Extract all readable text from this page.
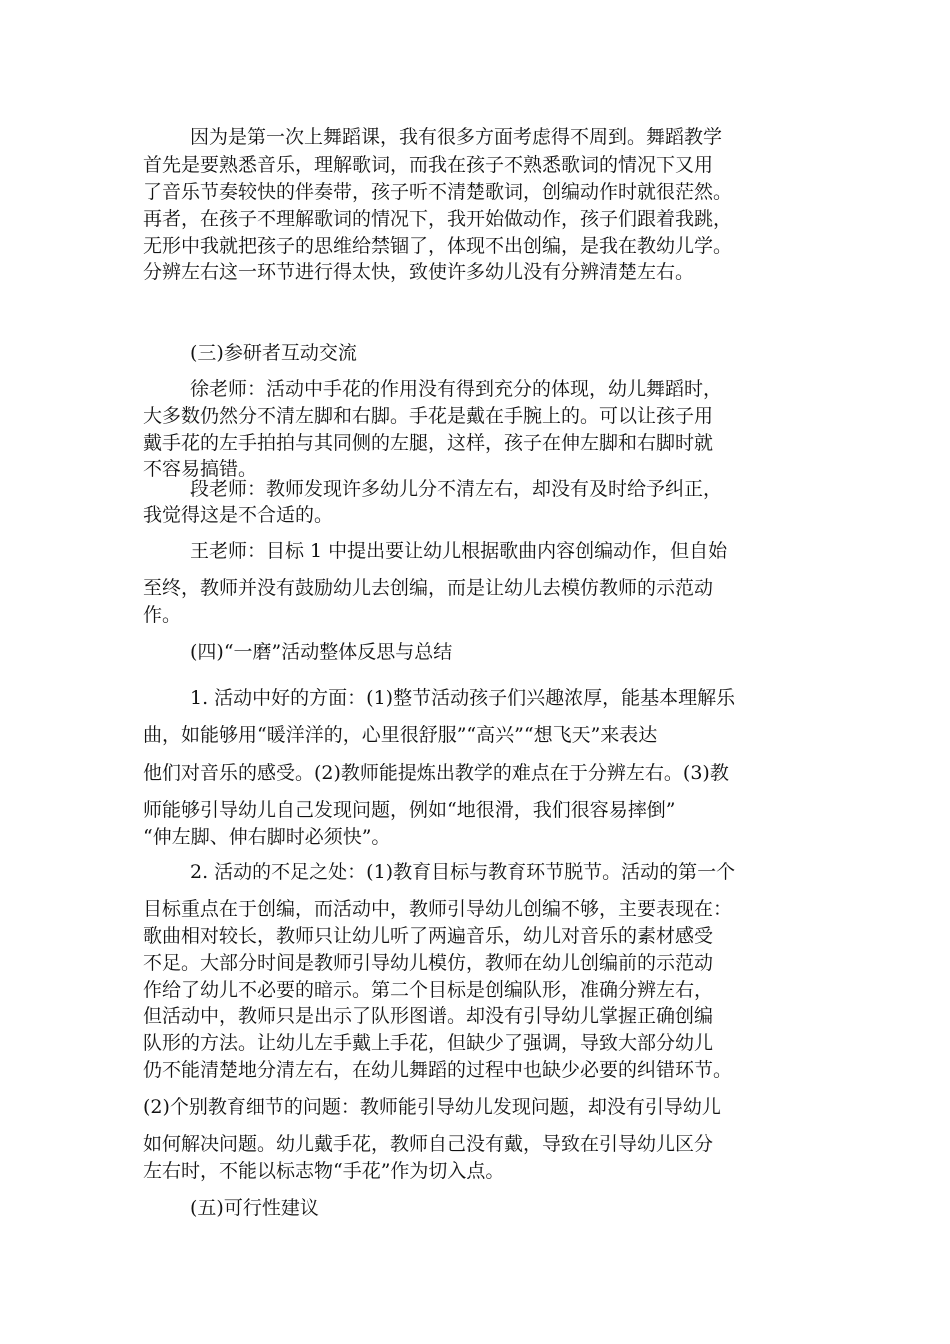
因为是第一次上舞蹈课，我有很多方面考虑得不周到。舞蹈教学
首先是要熟悉音乐，理解歌词，而我在孩子不熟悉歌词的情况下又用
了音乐节奏较快的伴奏带，孩子听不清楚歌词，创编动作时就很茫然。
再者，在孩子不理解歌词的情况下，我开始做动作，孩子们跟着我跳，
无形中我就把孩子的思维给禁锢了，体现不出创编，是我在教幼儿学。
分辨左右这一环节进行得太快，致使许多幼儿没有分辨清楚左右。
(三)参研者互动交流
徐老师：活动中手花的作用没有得到充分的体现，幼儿舞蹈时，
大多数仍然分不清左脚和右脚。手花是戴在手腕上的。可以让孩子用
戴手花的左手拍拍与其同侧的左腿，这样，孩子在伸左脚和右脚时就
不容易搞错。
段老师：教师发现许多幼儿分不清左右，却没有及时给予纠正，
我觉得这是不合适的。
王老师：目标 1 中提出要让幼儿根据歌曲内容创编动作，但自始
至终，教师并没有鼓励幼儿去创编，而是让幼儿去模仿教师的示范动
作。
(四)“一磨”活动整体反思与总结
1. 活动中好的方面：(1)整节活动孩子们兴趣浓厚，能基本理解乐
曲，如能够用“暖洋洋的，心里很舒服”“高兴”“想飞天”来表达
他们对音乐的感受。(2)教师能提炼出教学的难点在于分辨左右。(3)教
师能够引导幼儿自己发现问题，例如“地很滑，我们很容易摔倒”
“伸左脚、伸右脚时必须快”。
2. 活动的不足之处：(1)教育目标与教育环节脱节。活动的第一个
目标重点在于创编，而活动中，教师引导幼儿创编不够，主要表现在：
歌曲相对较长，教师只让幼儿听了两遍音乐，幼儿对音乐的素材感受
不足。大部分时间是教师引导幼儿模仿，教师在幼儿创编前的示范动
作给了幼儿不必要的暗示。第二个目标是创编队形，准确分辨左右，
但活动中，教师只是出示了队形图谱。却没有引导幼儿掌握正确创编
队形的方法。让幼儿左手戴上手花，但缺少了强调，导致大部分幼儿
仍不能清楚地分清左右，在幼儿舞蹈的过程中也缺少必要的纠错环节。
(2)个别教育细节的问题：教师能引导幼儿发现问题，却没有引导幼儿
如何解决问题。幼儿戴手花，教师自己没有戴，导致在引导幼儿区分
左右时，不能以标志物“手花”作为切入点。
(五)可行性建议
